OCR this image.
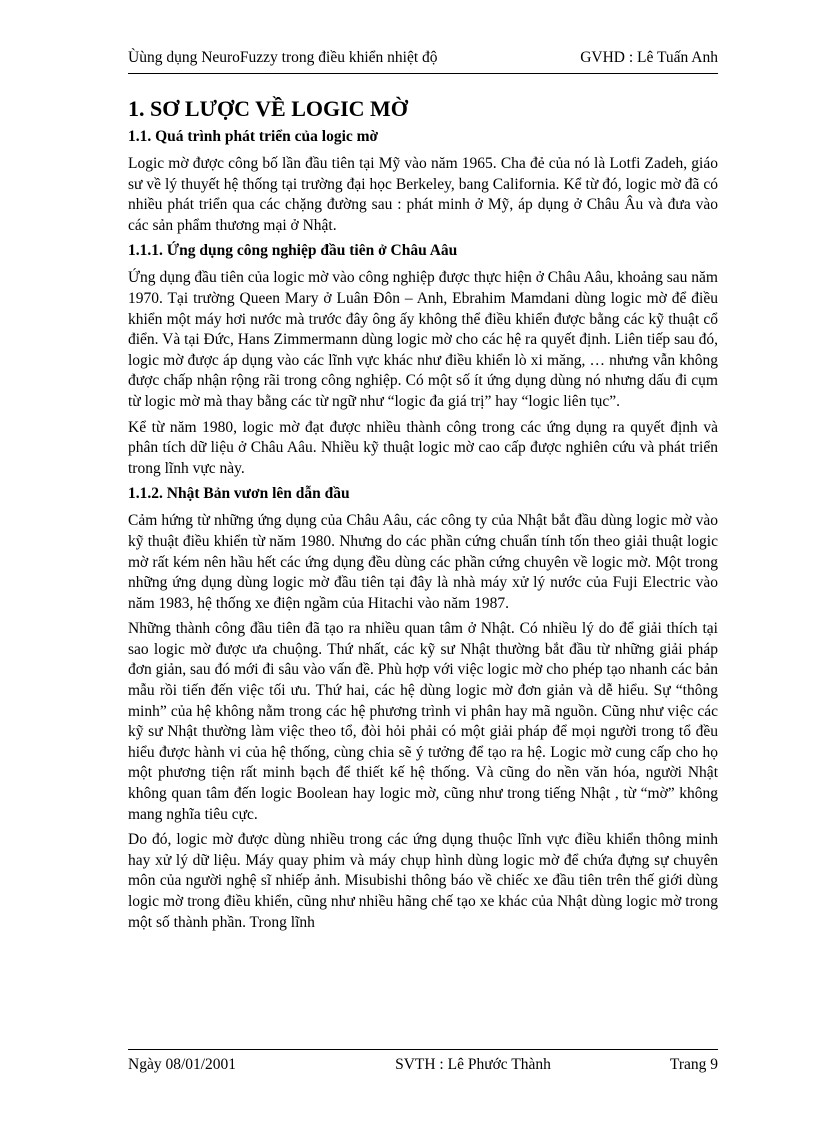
Ùùng dụng NeuroFuzzy trong điều khiển nhiệt độ	GVHD : Lê Tuấn Anh
1. SƠ LƯỢC VỀ LOGIC MỜ
1.1. Quá trình phát triển của logic mờ

Logic mờ được công bố lần đầu tiên tại Mỹ vào năm 1965. Cha đẻ của nó là Lotfi Zadeh, giáo sư về lý thuyết hệ thống tại trường đại học Berkeley, bang California. Kể từ đó, logic mờ đã có nhiều phát triển qua các chặng đường sau : phát minh ở Mỹ, áp dụng ở Châu Âu và đưa vào các sản phẩm thương mại ở Nhật.

1.1.1. Ứng dụng công nghiệp đầu tiên ở Châu Aâu

Ứng dụng đầu tiên của logic mờ vào công nghiệp được thực hiện ở Châu Aâu, khoảng sau năm 1970. Tại trường Queen Mary ở Luân Đôn – Anh, Ebrahim Mamdani dùng logic mờ để điều khiển một máy hơi nước mà trước đây ông ấy không thể điều khiển được bằng các kỹ thuật cổ điển. Và tại Đức, Hans Zimmermann dùng logic mờ cho các hệ ra quyết định. Liên tiếp sau đó, logic mờ được áp dụng vào các lĩnh vực khác như điều khiển lò xi măng, … nhưng vẫn không được chấp nhận rộng rãi trong công nghiệp. Có một số ít ứng dụng dùng nó nhưng dấu đi cụm từ logic mờ mà thay bằng các từ ngữ như “logic đa giá trị” hay “logic liên tục”.

Kể từ năm 1980, logic mờ đạt được nhiều thành công trong các ứng dụng ra quyết định và phân tích dữ liệu ở Châu Aâu. Nhiều kỹ thuật logic mờ cao cấp được nghiên cứu và phát triển trong lĩnh vực này.

1.1.2. Nhật Bản vươn lên dẫn đầu

Cảm hứng từ những ứng dụng của Châu Aâu, các công ty của Nhật bắt đầu dùng logic mờ vào kỹ thuật điều khiển từ năm 1980. Nhưng do các phần cứng chuẩn tính tốn theo giải thuật logic mờ rất kém nên hầu hết các ứng dụng đều dùng các phần cứng chuyên về logic mờ. Một trong những ứng dụng dùng logic mờ đầu tiên tại đây là nhà máy xử lý nước của Fuji Electric vào năm 1983, hệ thống xe điện ngầm của Hitachi vào năm 1987.

Những thành công đầu tiên đã tạo ra nhiều quan tâm ở Nhật. Có nhiều lý do để giải thích tại sao logic mờ được ưa chuộng. Thứ nhất, các kỹ sư Nhật thường bắt đầu từ những giải pháp đơn giản, sau đó mới đi sâu vào vấn đề. Phù hợp với việc logic mờ cho phép tạo nhanh các bản mẫu rồi tiến đến việc tối ưu. Thứ hai, các hệ dùng logic mờ đơn giản và dễ hiểu. Sự “thông minh” của hệ không nằm trong các hệ phương trình vi phân hay mã nguồn. Cũng như việc các kỹ sư Nhật thường làm việc theo tổ, đòi hỏi phải có một giải pháp để mọi người trong tổ đều hiểu được hành vi của hệ thống, cùng chia sẽ ý tưởng để tạo ra hệ. Logic mờ cung cấp cho họ một phương tiện rất minh bạch để thiết kế hệ thống. Và cũng do nền văn hóa, người Nhật không quan tâm đến logic Boolean hay logic mờ, cũng như trong tiếng Nhật , từ “mờ” không mang nghĩa tiêu cực.

Do đó, logic mờ được dùng nhiều trong các ứng dụng thuộc lĩnh vực điều khiển thông minh hay xử lý dữ liệu. Máy quay phim và máy chụp hình dùng logic mờ để chứa đựng sự chuyên môn của người nghệ sĩ nhiếp ảnh. Misubishi thông báo về chiếc xe đầu tiên trên thế giới dùng logic mờ trong điều khiển, cũng như nhiều hãng chế tạo xe khác của Nhật dùng logic mờ trong một số thành phần. Trong lĩnh

Ngày 08/01/2001	SVTH : Lê Phước Thành	Trang 9
